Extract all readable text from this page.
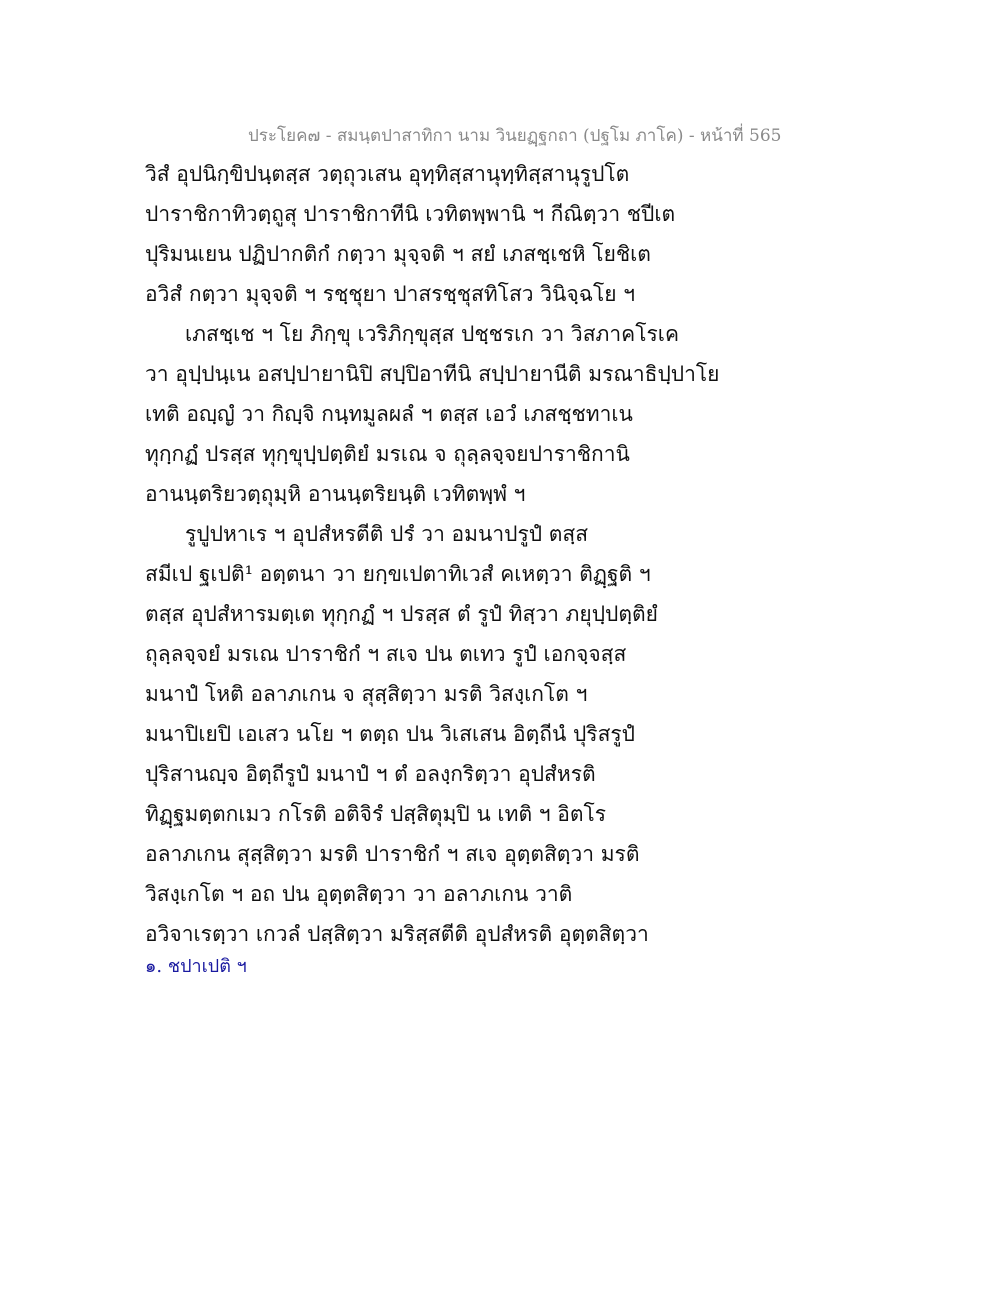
ประโยค๗ - สมนฺตปาสาทิกา นาม วินยฏฺฐกถา (ปฐโม ภาโค) - หน้าที่ 565
วิสํ อุปนิกฺขิปนฺตสฺส วตฺถุวเสน อุทฺทิสฺสานุทฺทิสฺสานุรูปโต
ปาราชิกาทิวตฺถูสุ ปาราชิกาทีนิ เวทิตพฺพานิ ฯ กีณิตฺวา ชปีเต
ปุริมนเยน ปฏิปากติกํ กตฺวา มุจฺจติ ฯ สยํ เภสชฺเชหิ โยชิเต
อวิสํ กตฺวา มุจฺจติ ฯ รชฺชุยา ปาสรชฺชุสทิโสว วินิจฺฉโย ฯ
เภสชฺเช ฯ โย ภิกฺขุ เวริภิกฺขุสฺส ปชฺชรเก วา วิสภาคโรเค
วา อุปฺปนฺเน อสปฺปายานิปิ สปฺปิอาทีนิ สปฺปายานีติ มรณาธิปฺปาโย
เทติ อญฺญํ วา กิญฺจิ กนฺทมูลผลํ ฯ ตสฺส เอวํ เภสชฺชทาเน
ทุกฺกฏํ ปรสฺส ทุกฺขุปฺปตฺติยํ มรเณ จ ถุลฺลจฺจยปาราชิกานิ
อานนฺตริยวตฺถุมฺหิ อานนฺตริยนฺติ เวทิตพฺพํ ฯ
รูปูปหาเร ฯ อุปสํหรตีติ ปรํ วา อมนาปรูปํ ตสฺส
สมีเป ฐเปติ¹ อตฺตนา วา ยกฺขเปตาทิเวสํ คเหตฺวา ติฏฺฐติ ฯ
ตสฺส อุปสํหารมตฺเต ทุกฺกฏํ ฯ ปรสฺส ตํ รูปํ ทิสฺวา ภยุปฺปตฺติยํ
ถุลฺลจฺจยํ มรเณ ปาราชิกํ ฯ สเจ ปน ตเทว รูปํ เอกจฺจสฺส
มนาปํ โหติ อลาภเกน จ สุสฺสิตฺวา มรติ วิสงฺเกโต ฯ
มนาปิเยปิ เอเสว นโย ฯ ตตฺถ ปน วิเสเสน อิตฺถีนํ ปุริสรูปํ
ปุริสานญฺจ อิตฺถีรูปํ มนาปํ ฯ ตํ อลงฺกริตฺวา อุปสํหรติ
ทิฏฺฐมตฺตกเมว กโรติ อติจิรํ ปสฺสิตุมฺปิ น เทติ ฯ อิตโร
อลาภเกน สุสฺสิตฺวา มรติ ปาราชิกํ ฯ สเจ อุตฺตสิตฺวา มรติ
วิสงฺเกโต ฯ อถ ปน อุตฺตสิตฺวา วา อลาภเกน วาติ
อวิจาเรตฺวา เกวลํ ปสฺสิตฺวา มริสฺสตีติ อุปสํหรติ อุตฺตสิตฺวา
๑. ชปาเปติ ฯ
